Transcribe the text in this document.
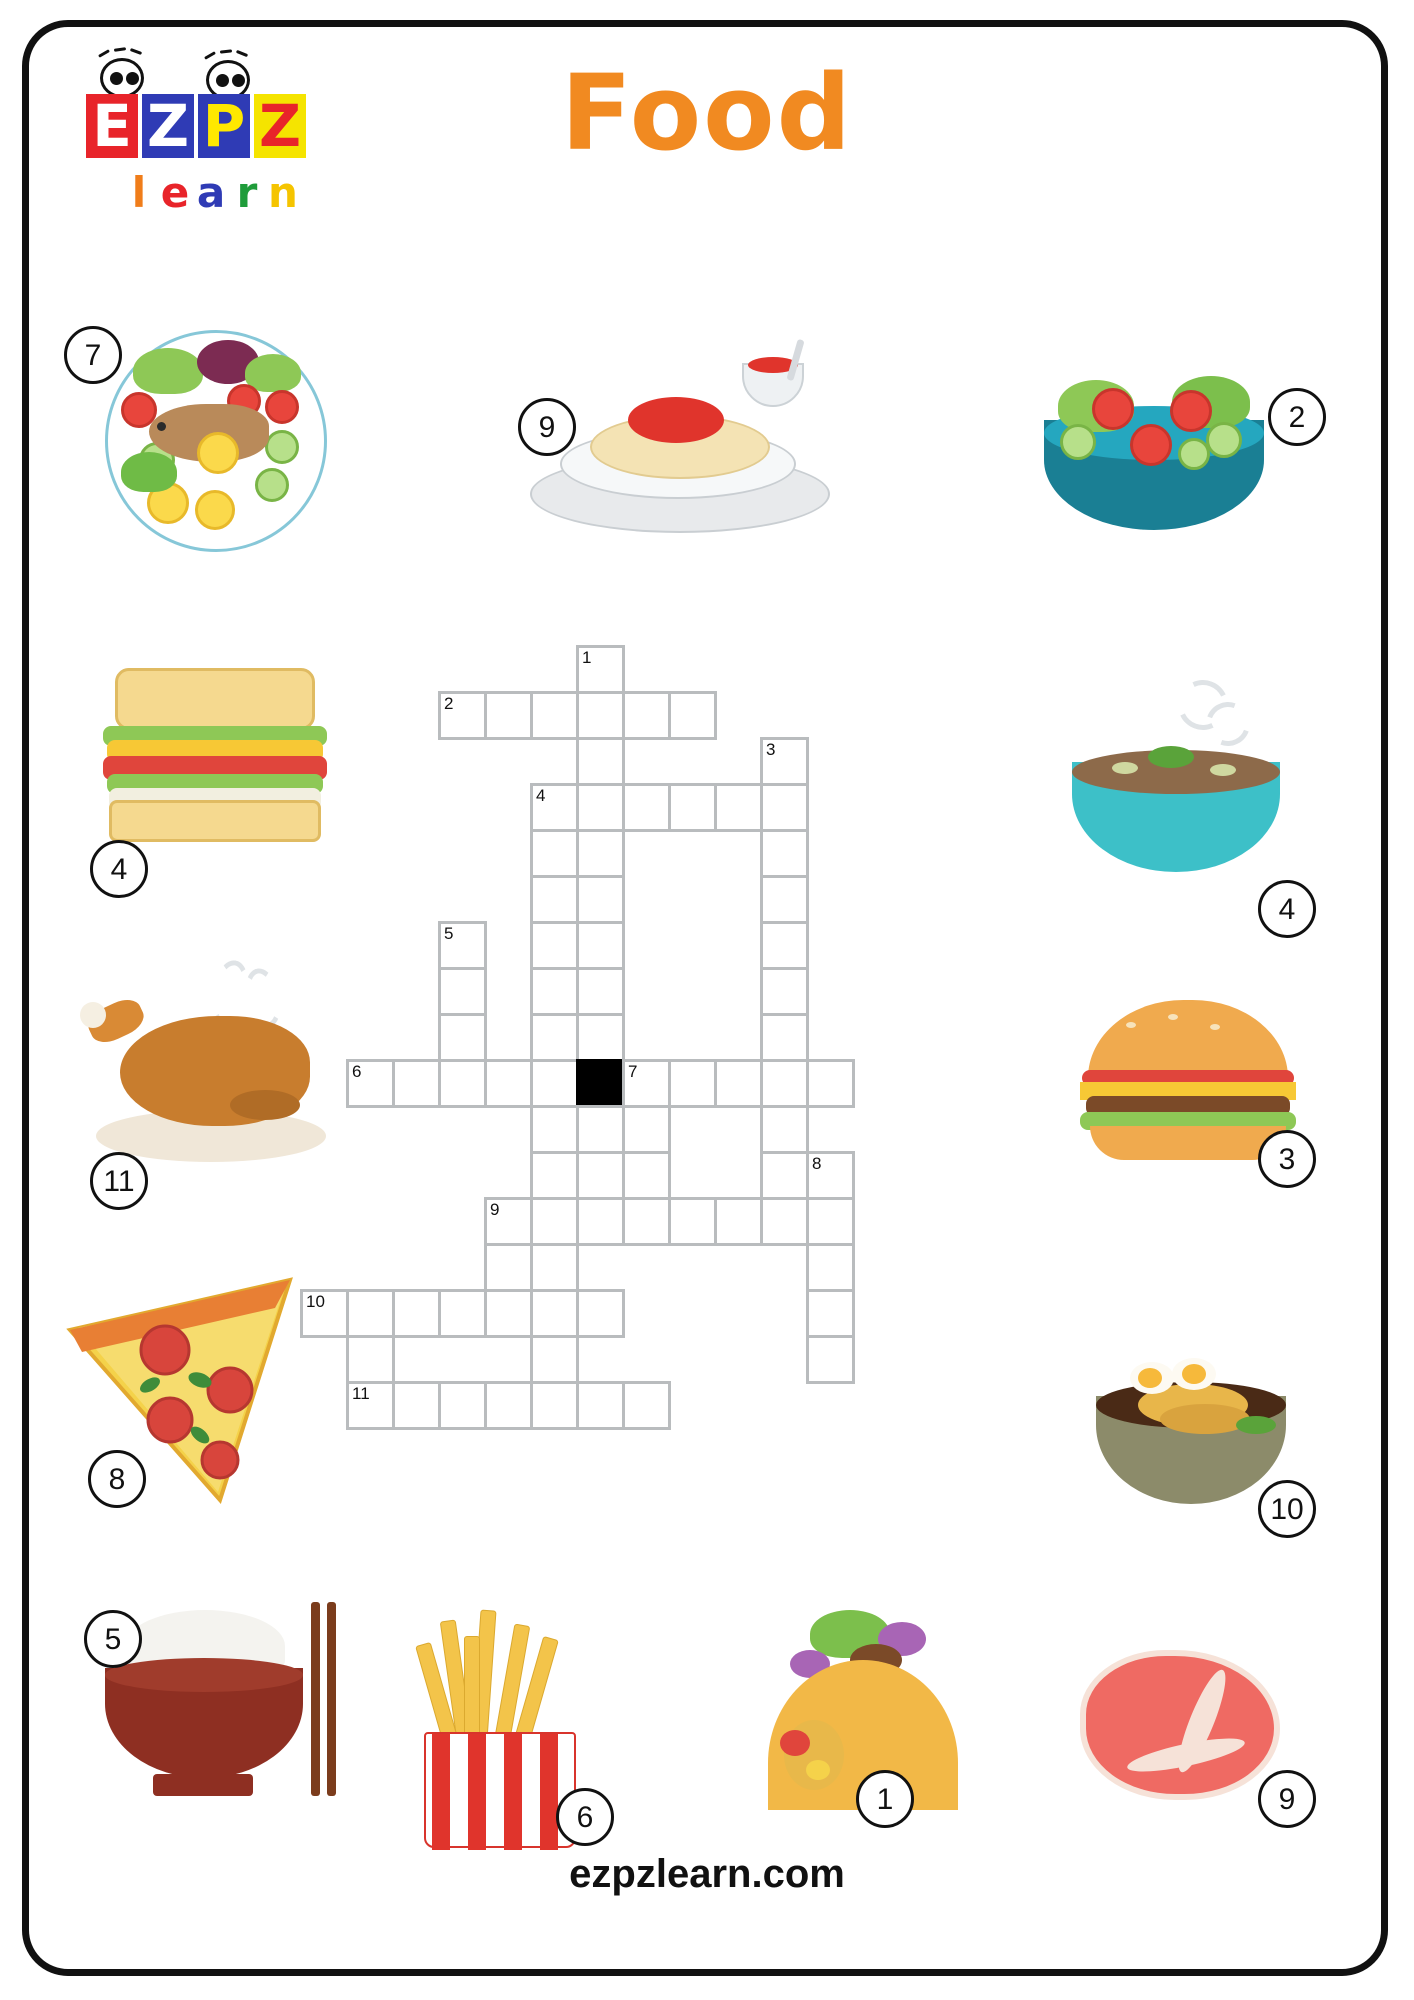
E Z P Z
l e a r n
Food
7
9	2
4
4
11
3
8
10
5
6
1	9
1
2
3
4
5
6	7
8
9
10
11
ezpzlearn.com
